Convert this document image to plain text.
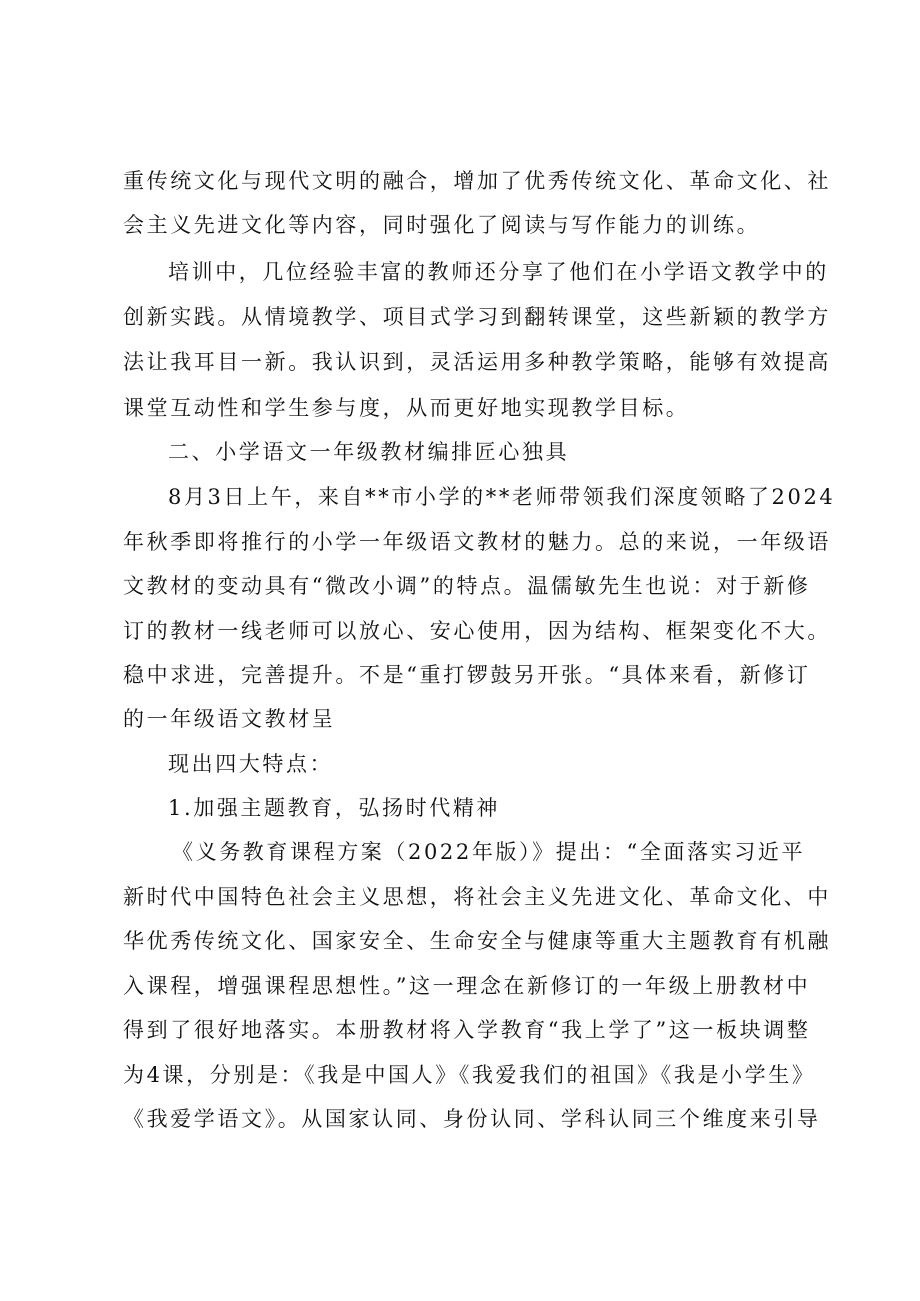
重传统文化与现代文明的融合，增加了优秀传统文化、革命文化、社
会主义先进文化等内容，同时强化了阅读与写作能力的训练。
培训中，几位经验丰富的教师还分享了他们在小学语文教学中的
创新实践。从情境教学、项目式学习到翻转课堂，这些新颖的教学方
法让我耳目一新。我认识到，灵活运用多种教学策略，能够有效提高
课堂互动性和学生参与度，从而更好地实现教学目标。
二、小学语文一年级教材编排匠心独具
8月3日上午，来自**市小学的**老师带领我们深度领略了2024
年秋季即将推行的小学一年级语文教材的魅力。总的来说，一年级语
文教材的变动具有“微改小调”的特点。温儒敏先生也说：对于新修
订的教材一线老师可以放心、安心使用，因为结构、框架变化不大。
稳中求进，完善提升。不是“重打锣鼓另开张。“具体来看，新修订
的一年级语文教材呈
现出四大特点：
1.加强主题教育，弘扬时代精神
《义务教育课程方案（2022年版）》提出：“全面落实习近平
新时代中国特色社会主义思想，将社会主义先进文化、革命文化、中
华优秀传统文化、国家安全、生命安全与健康等重大主题教育有机融
入课程，增强课程思想性。”这一理念在新修订的一年级上册教材中
得到了很好地落实。本册教材将入学教育“我上学了”这一板块调整
为4课，分别是：《我是中国人》《我爱我们的祖国》《我是小学生》
《我爱学语文》。从国家认同、身份认同、学科认同三个维度来引导
